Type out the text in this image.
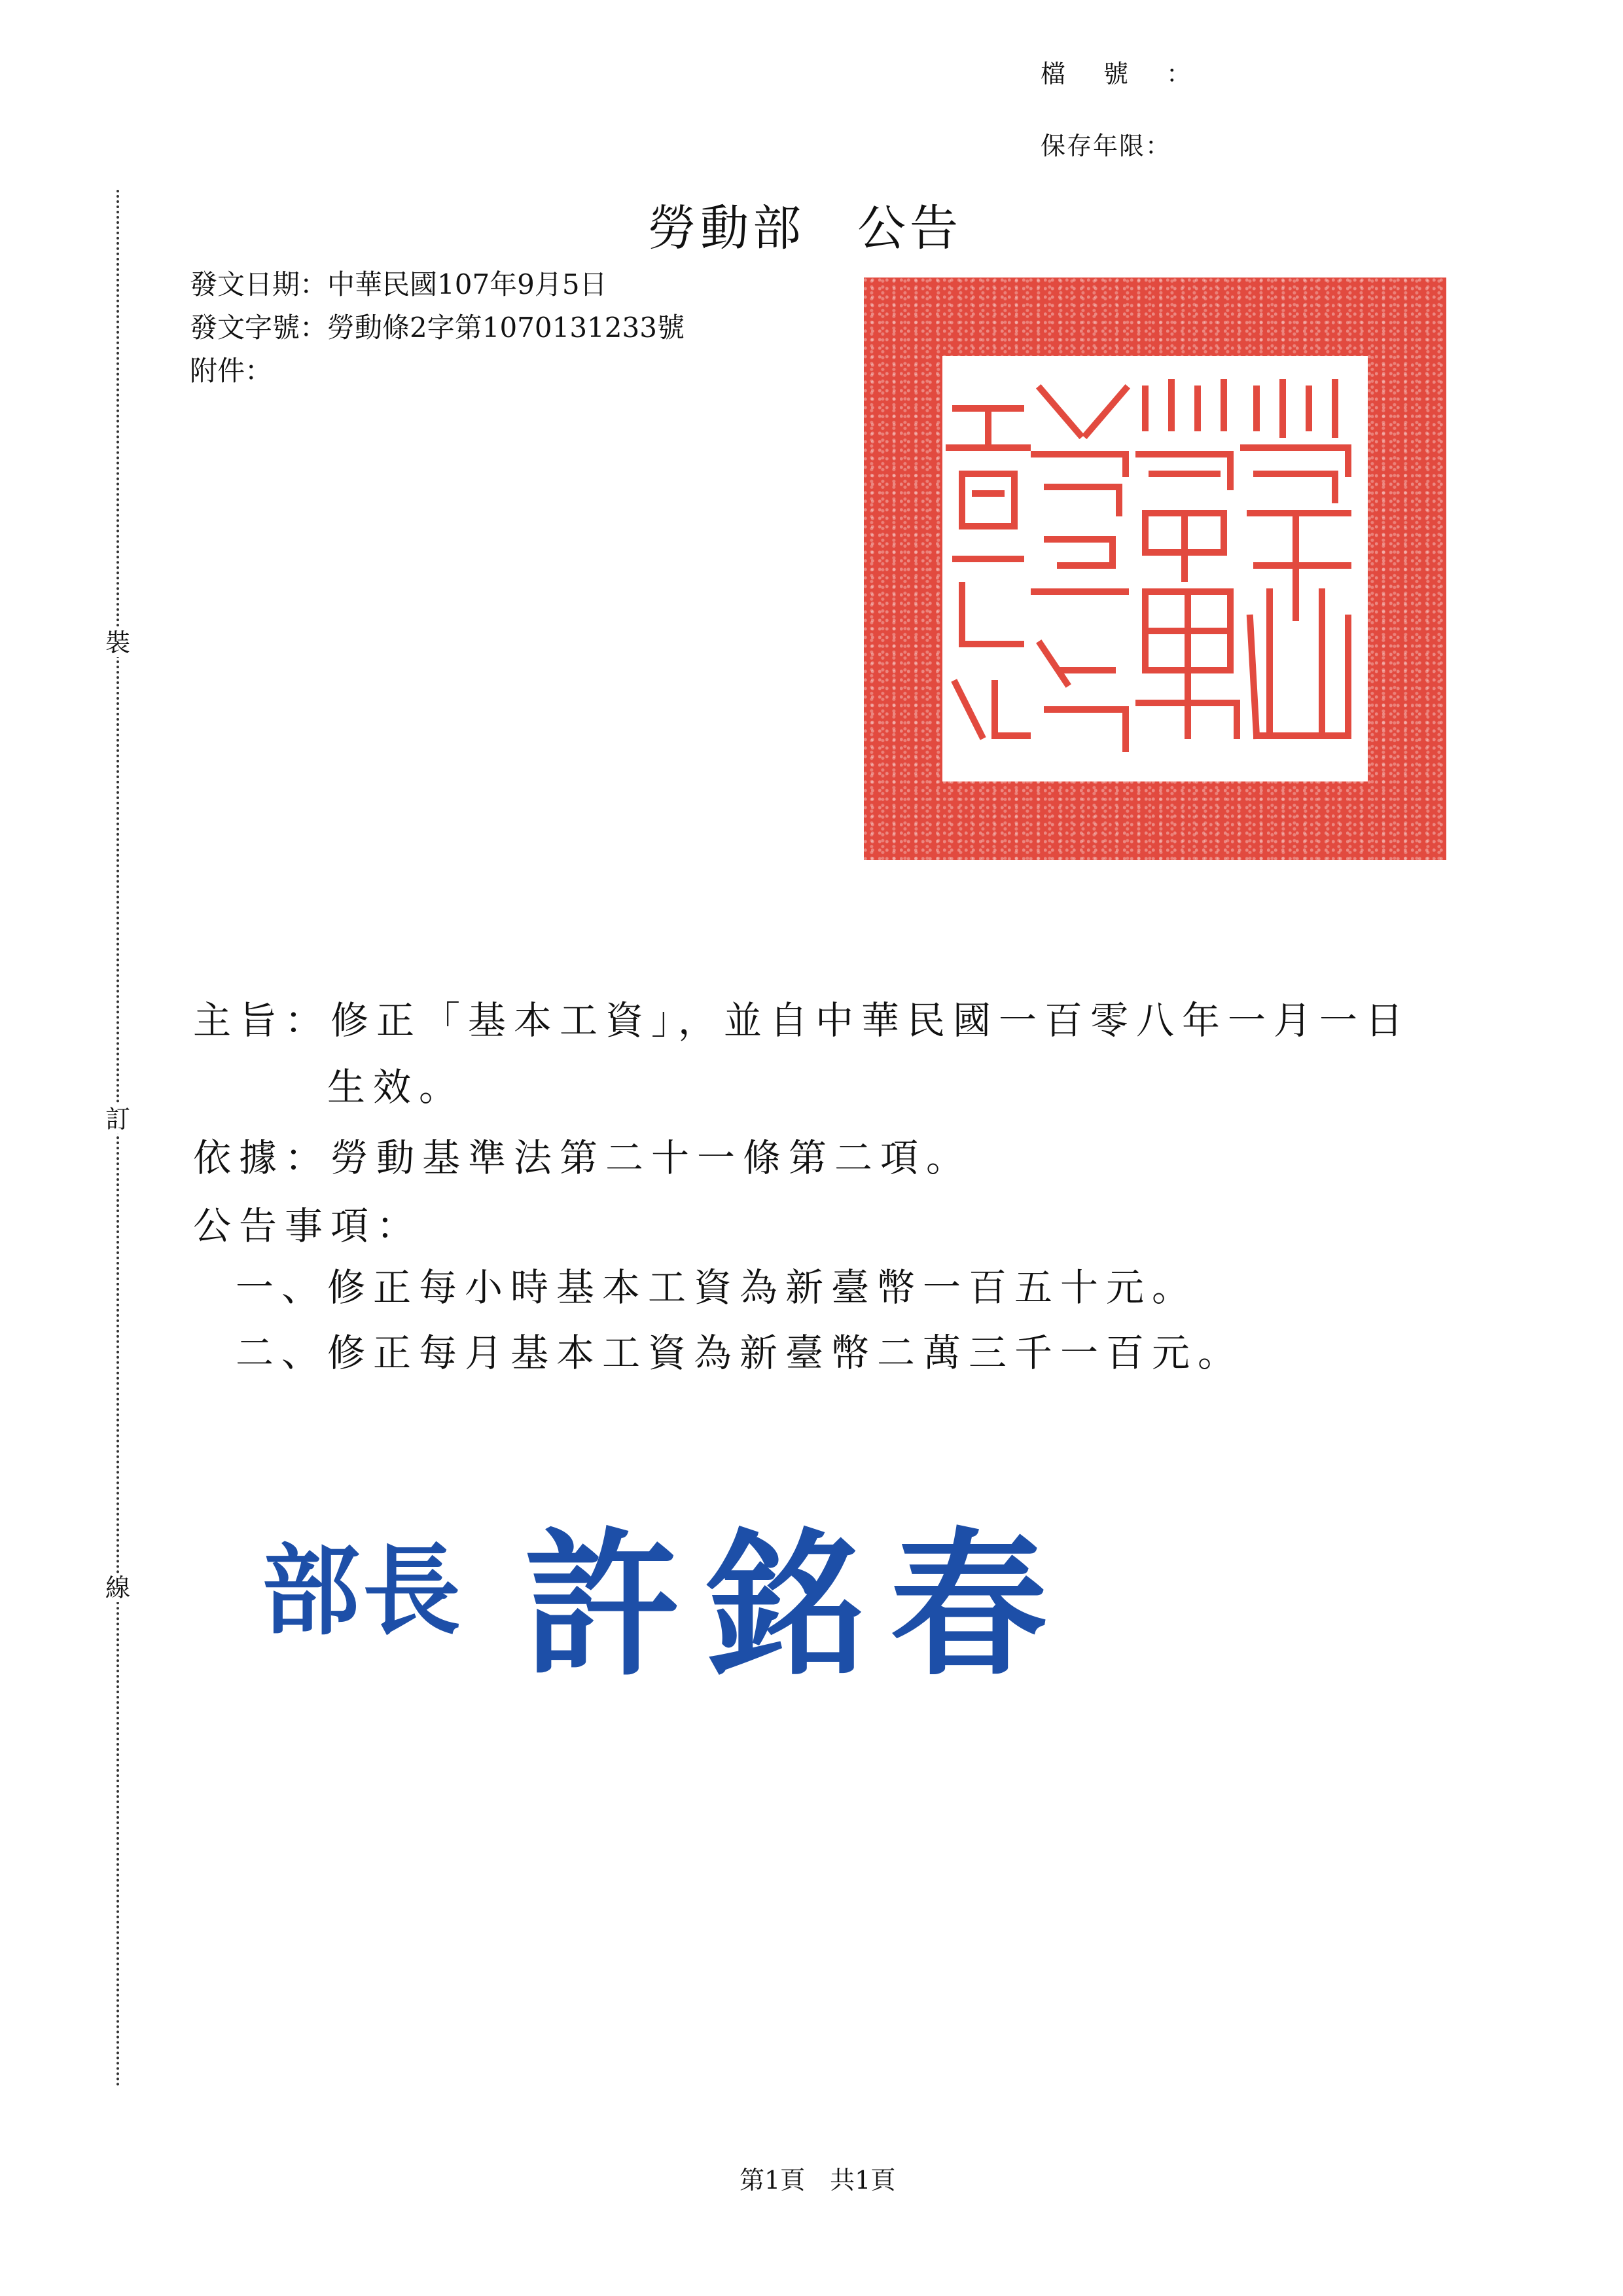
檔號：
保存年限：
裝
訂
線
勞動部　公告
發文日期：中華民國107年9月5日
發文字號：勞動條2字第1070131233號
附件：
主旨：修正「基本工資」，並自中華民國一百零八年一月一日
生效。
依據：勞動基準法第二十一條第二項。
公告事項：
一、修正每小時基本工資為新臺幣一百五十元。
二、修正每月基本工資為新臺幣二萬三千一百元。
部長 許銘春
第1頁　共1頁
